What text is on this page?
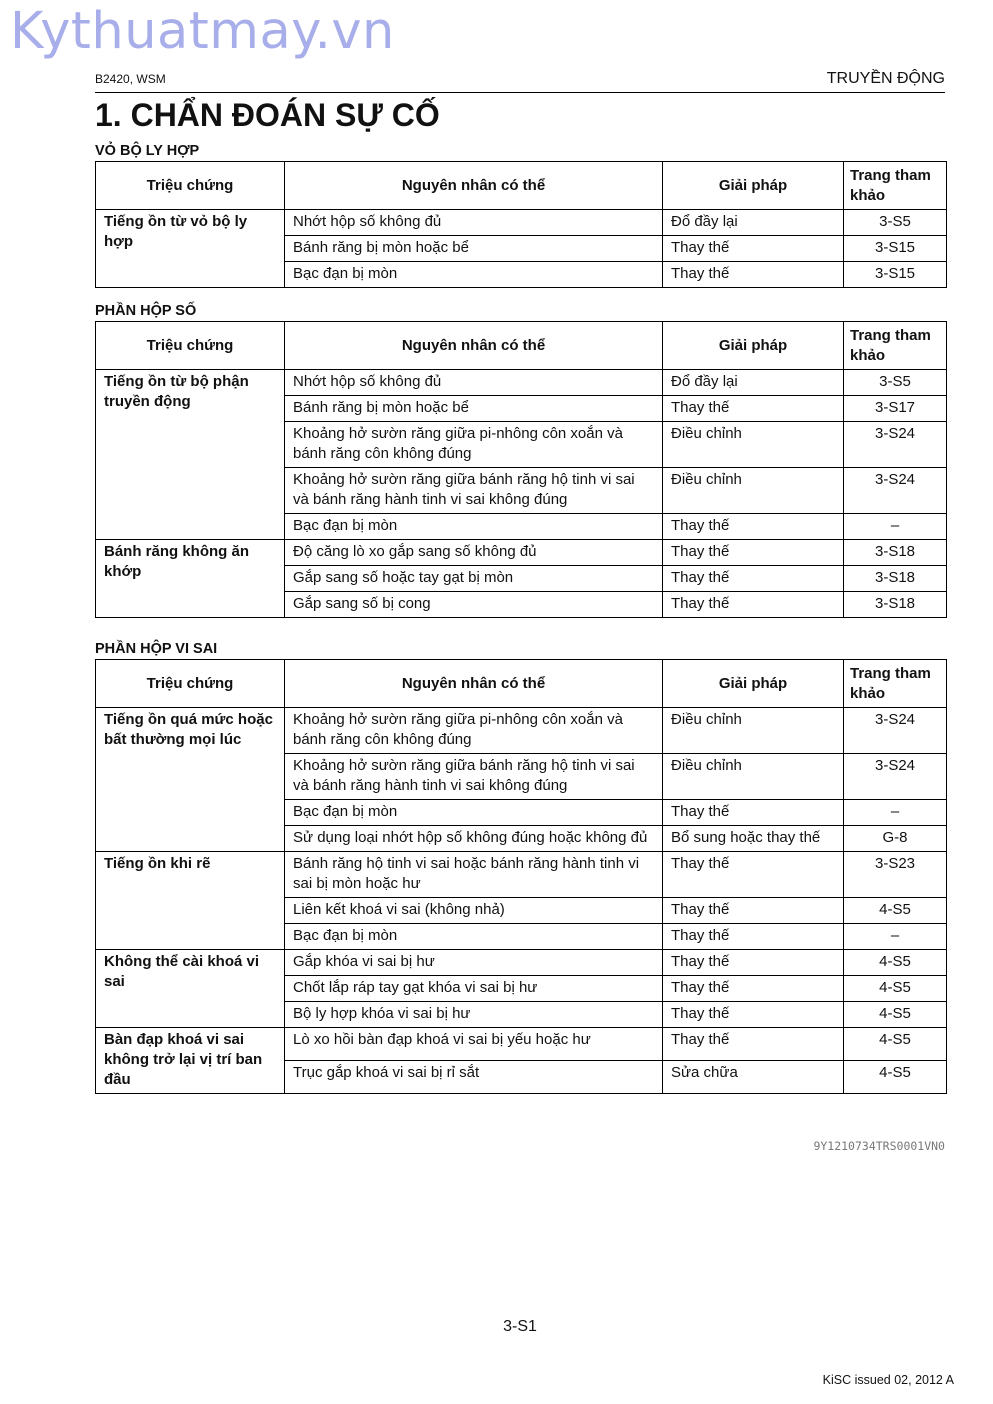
Kythuatmay.vn
B2420, WSM	TRUYỀN ĐỘNG
1. CHẨN ĐOÁN SỰ CỐ
VỎ BỘ LY HỢP
Triệu chứng	Nguyên nhân có thể	Giải pháp	Trang tham khảo
Tiếng ồn từ vỏ bộ ly hợp	Nhớt hộp số không đủ	Đổ đầy lại	3-S5
	Bánh răng bị mòn hoặc bể	Thay thế	3-S15
	Bạc đạn bị mòn	Thay thế	3-S15
PHẦN HỘP SỐ
Triệu chứng	Nguyên nhân có thể	Giải pháp	Trang tham khảo
Tiếng ồn từ bộ phận truyền động	Nhớt hộp số không đủ	Đổ đầy lại	3-S5
	Bánh răng bị mòn hoặc bể	Thay thế	3-S17
	Khoảng hở sườn răng giữa pi-nhông côn xoắn và bánh răng côn không đúng	Điều chỉnh	3-S24
	Khoảng hở sườn răng giữa bánh răng hộ tinh vi sai và bánh răng hành tinh vi sai không đúng	Điều chỉnh	3-S24
	Bạc đạn bị mòn	Thay thế	–
Bánh răng không ăn khớp	Độ căng lò xo gắp sang số không đủ	Thay thế	3-S18
	Gắp sang số hoặc tay gạt bị mòn	Thay thế	3-S18
	Gắp sang số bị cong	Thay thế	3-S18
PHẦN HỘP VI SAI
Triệu chứng	Nguyên nhân có thể	Giải pháp	Trang tham khảo
Tiếng ồn quá mức hoặc bất thường mọi lúc	Khoảng hở sườn răng giữa pi-nhông côn xoắn và bánh răng côn không đúng	Điều chỉnh	3-S24
	Khoảng hở sườn răng giữa bánh răng hộ tinh vi sai và bánh răng hành tinh vi sai không đúng	Điều chỉnh	3-S24
	Bạc đạn bị mòn	Thay thế	–
	Sử dụng loại nhớt hộp số không đúng hoặc không đủ	Bổ sung hoặc thay thế	G-8
Tiếng ồn khi rẽ	Bánh răng hộ tinh vi sai hoặc bánh răng hành tinh vi sai bị mòn hoặc hư	Thay thế	3-S23
	Liên kết khoá vi sai (không nhả)	Thay thế	4-S5
	Bạc đạn bị mòn	Thay thế	–
Không thể cài khoá vi sai	Gắp khóa vi sai bị hư	Thay thế	4-S5
	Chốt lắp ráp tay gạt khóa vi sai bị hư	Thay thế	4-S5
	Bộ ly hợp khóa vi sai bị hư	Thay thế	4-S5
Bàn đạp khoá vi sai không trở lại vị trí ban đầu	Lò xo hồi bàn đạp khoá vi sai bị yếu hoặc hư	Thay thế	4-S5
	Trục gắp khoá vi sai bị rỉ sắt	Sửa chữa	4-S5
9Y1210734TRS0001VN0
3-S1
KiSC issued 02, 2012 A
